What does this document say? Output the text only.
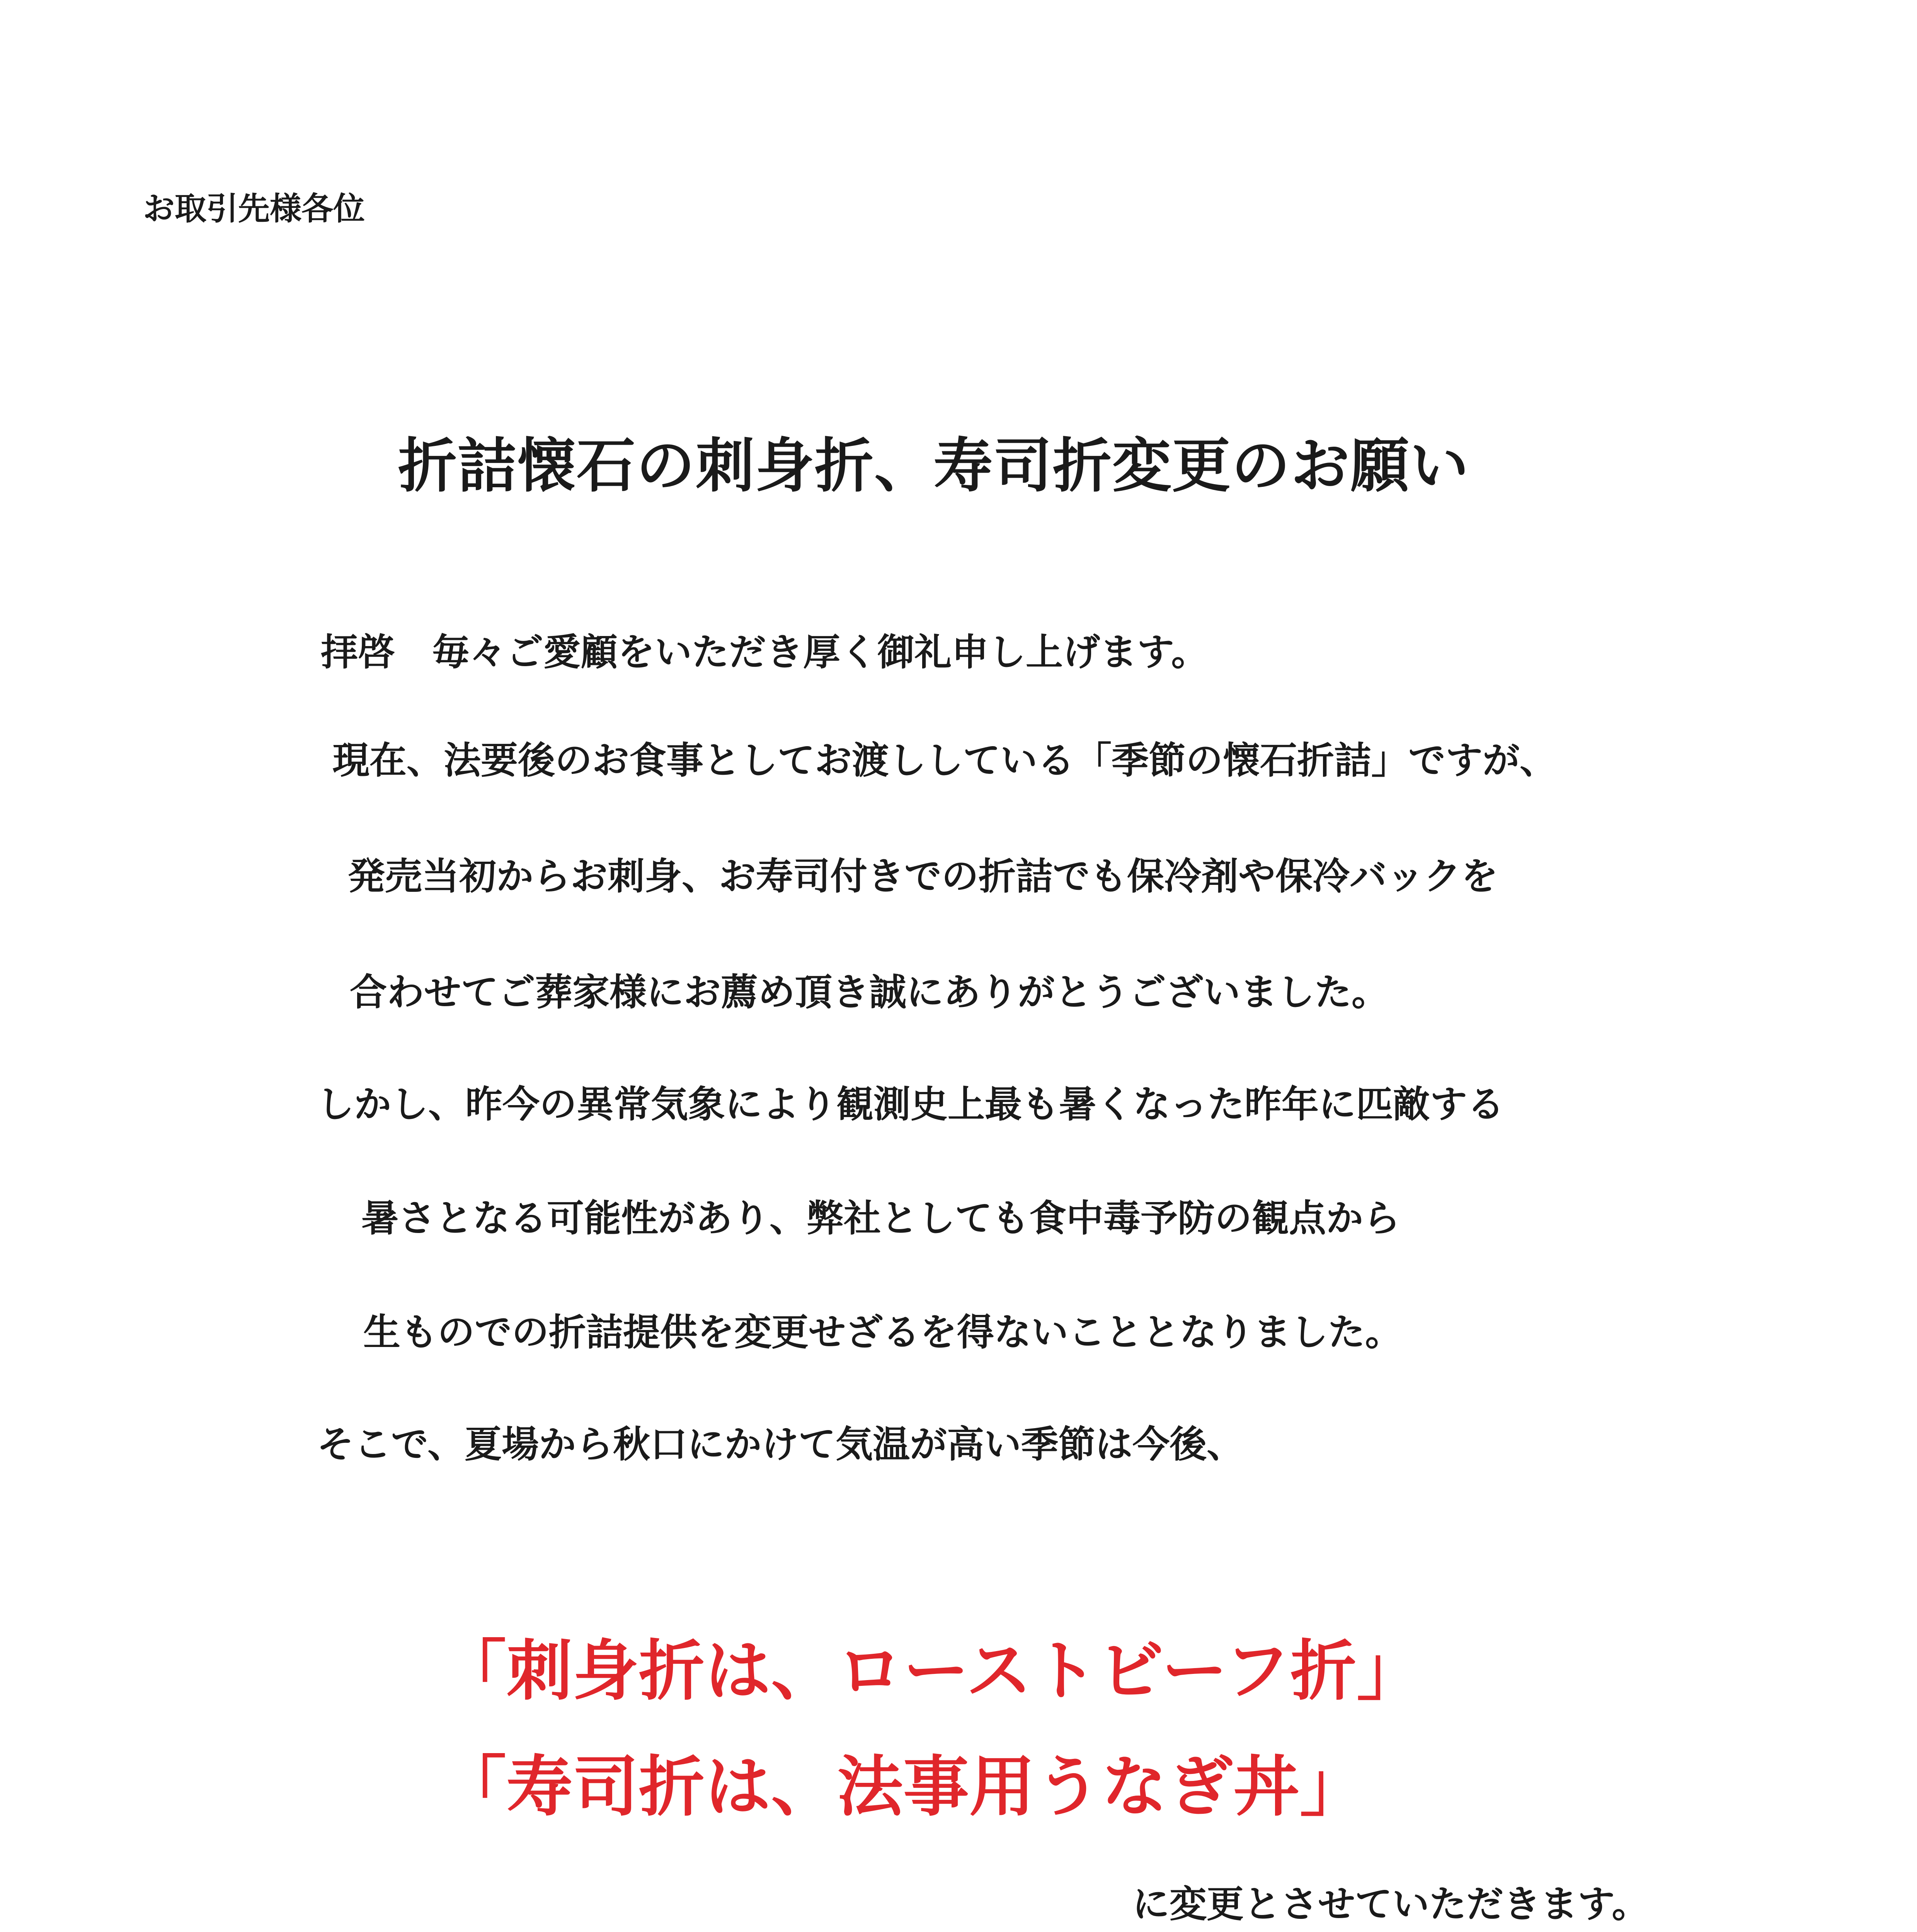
お取引先様各位
折詰懐石の刺身折、寿司折変更のお願い
拝啓　毎々ご愛顧をいただき厚く御礼申し上げます。
現在、法要後のお食事としてお渡ししている「季節の懐石折詰」ですが、
発売当初からお刺身、お寿司付きでの折詰でも保冷剤や保冷バックを
合わせてご葬家様にお薦め頂き誠にありがとうございました。
しかし、昨今の異常気象により観測史上最も暑くなった昨年に匹敵する
暑さとなる可能性があり、弊社としても食中毒予防の観点から
生ものでの折詰提供を変更せざるを得ないこととなりました。
そこで、夏場から秋口にかけて気温が高い季節は今後、
「刺身折は、ローストビーフ折」
「寿司折は、法事用うなぎ丼」
に変更とさせていただきます。
